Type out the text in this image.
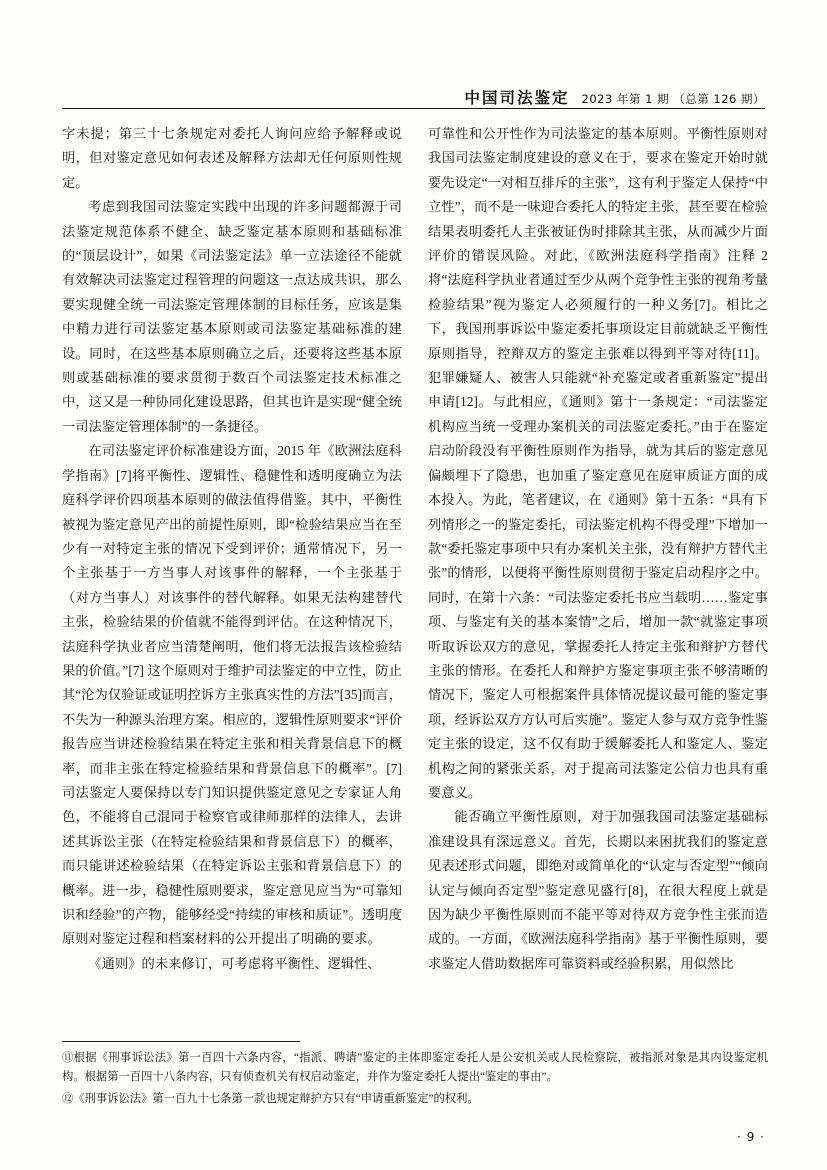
中国司法鉴定 2023 年第 1 期 （总第 126 期）

字未提；第三十七条规定对委托人询问应给予解释或说明，但对鉴定意见如何表述及解释方法却无任何原则性规定。

考虑到我国司法鉴定实践中出现的许多问题都源于司法鉴定规范体系不健全、缺乏鉴定基本原则和基础标准的“顶层设计”，如果《司法鉴定法》单一立法途径不能就有效解决司法鉴定过程管理的问题这一点达成共识，那么要实现健全统一司法鉴定管理体制的目标任务，应该是集中精力进行司法鉴定基本原则或司法鉴定基础标准的建设。同时，在这些基本原则确立之后，还要将这些基本原则或基础标准的要求贯彻于数百个司法鉴定技术标准之中，这又是一种协同化建设思路，但其也许是实现“健全统一司法鉴定管理体制”的一条捷径。

在司法鉴定评价标准建设方面，2015 年《欧洲法庭科学指南》[7]将平衡性、逻辑性、稳健性和透明度确立为法庭科学评价四项基本原则的做法值得借鉴。其中，平衡性被视为鉴定意见产出的前提性原则，即“检验结果应当在至少有一对特定主张的情况下受到评价；通常情况下，另一个主张基于一方当事人对该事件的解释，一个主张基于（对方当事人）对该事件的替代解释。如果无法构建替代主张，检验结果的价值就不能得到评估。在这种情况下，法庭科学执业者应当清楚阐明，他们将无法报告该检验结果的价值。”[7] 这个原则对于维护司法鉴定的中立性，防止其“沦为仅验证或证明控诉方主张真实性的方法”[35]而言，不失为一种源头治理方案。相应的，逻辑性原则要求“评价报告应当讲述检验结果在特定主张和相关背景信息下的概率，而非主张在特定检验结果和背景信息下的概率”。[7] 司法鉴定人要保持以专门知识提供鉴定意见之专家证人角色，不能将自己混同于检察官或律师那样的法律人，去讲述其诉讼主张（在特定检验结果和背景信息下）的概率，而只能讲述检验结果（在特定诉讼主张和背景信息下）的概率。进一步，稳健性原则要求，鉴定意见应当为“可靠知识和经验”的产物，能够经受“持续的审核和质证”。透明度原则对鉴定过程和档案材料的公开提出了明确的要求。

《通则》的未来修订，可考虑将平衡性、逻辑性、

可靠性和公开性作为司法鉴定的基本原则。平衡性原则对我国司法鉴定制度建设的意义在于，要求在鉴定开始时就要先设定“一对相互排斥的主张”，这有利于鉴定人保持“中立性”，而不是一味迎合委托人的特定主张，甚至要在检验结果表明委托人主张被证伪时排除其主张，从而减少片面评价的错误风险。对此，《欧洲法庭科学指南》注释 2 将“法庭科学执业者通过至少从两个竞争性主张的视角考量检验结果”视为鉴定人必须履行的一种义务[7]。相比之下，我国刑事诉讼中鉴定委托事项设定目前就缺乏平衡性原则指导，控辩双方的鉴定主张难以得到平等对待[11]。犯罪嫌疑人、被害人只能就“补充鉴定或者重新鉴定”提出申请[12]。与此相应，《通则》第十一条规定：“司法鉴定机构应当统一受理办案机关的司法鉴定委托。”由于在鉴定启动阶段没有平衡性原则作为指导，就为其后的鉴定意见偏颇埋下了隐患，也加重了鉴定意见在庭审质证方面的成本投入。为此，笔者建议，在《通则》第十五条：“具有下列情形之一的鉴定委托，司法鉴定机构不得受理”下增加一款“委托鉴定事项中只有办案机关主张，没有辩护方替代主张”的情形，以便将平衡性原则贯彻于鉴定启动程序之中。同时，在第十六条：“司法鉴定委托书应当载明……鉴定事项、与鉴定有关的基本案情”之后，增加一款“就鉴定事项听取诉讼双方的意见，掌握委托人持定主张和辩护方替代主张的情形。在委托人和辩护方鉴定事项主张不够清晰的情况下，鉴定人可根据案件具体情况提议最可能的鉴定事项，经诉讼双方方认可后实施”。鉴定人参与双方竞争性鉴定主张的设定，这不仅有助于缓解委托人和鉴定人、鉴定机构之间的紧张关系，对于提高司法鉴定公信力也具有重要意义。

能否确立平衡性原则，对于加强我国司法鉴定基础标准建设具有深远意义。首先，长期以来困扰我们的鉴定意见表述形式问题，即绝对或简单化的“认定与否定型”“倾向认定与倾向否定型”鉴定意见盛行[8]，在很大程度上就是因为缺少平衡性原则而不能平等对待双方竞争性主张而造成的。一方面，《欧洲法庭科学指南》基于平衡性原则，要求鉴定人借助数据库可靠资料或经验积累，用似然比

⑪根据《刑事诉讼法》第一百四十六条内容，“指派、聘请”鉴定的主体即鉴定委托人是公安机关或人民检察院，被指派对象是其内设鉴定机构。根据第一百四十八条内容，只有侦查机关有权启动鉴定，并作为鉴定委托人提出“鉴定的事由”。

⑫《刑事诉讼法》第一百九十七条第一款也规定辩护方只有“申请重新鉴定”的权利。

· 9 ·
